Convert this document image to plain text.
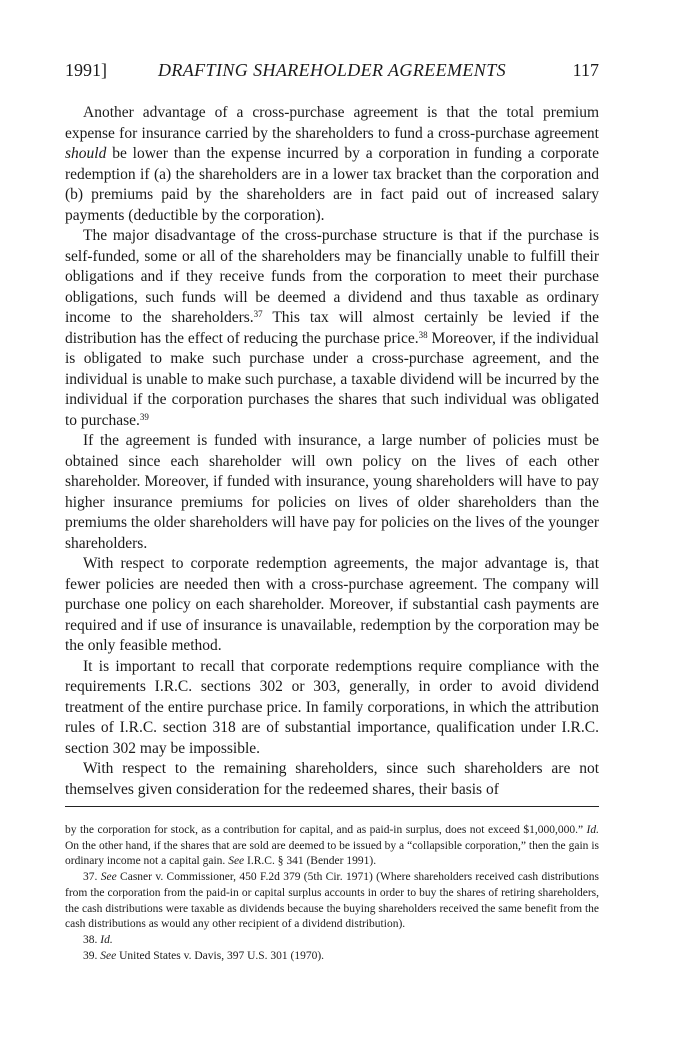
1991]	DRAFTING SHAREHOLDER AGREEMENTS	117

Another advantage of a cross-purchase agreement is that the total premium expense for insurance carried by the shareholders to fund a cross-purchase agreement should be lower than the expense incurred by a corporation in funding a corporate redemption if (a) the shareholders are in a lower tax bracket than the corporation and (b) premiums paid by the shareholders are in fact paid out of increased salary payments (deductible by the corporation).

The major disadvantage of the cross-purchase structure is that if the purchase is self-funded, some or all of the shareholders may be financially unable to fulfill their obligations and if they receive funds from the corporation to meet their purchase obligations, such funds will be deemed a dividend and thus taxable as ordinary income to the shareholders.$^{37}$ This tax will almost certainly be levied if the distribution has the effect of reducing the purchase price.$^{38}$ Moreover, if the individual is obligated to make such purchase under a cross-purchase agreement, and the individual is unable to make such purchase, a taxable dividend will be incurred by the individual if the corporation purchases the shares that such individual was obligated to purchase.$^{39}$

If the agreement is funded with insurance, a large number of policies must be obtained since each shareholder will own policy on the lives of each other shareholder. Moreover, if funded with insurance, young shareholders will have to pay higher insurance premiums for policies on lives of older shareholders than the premiums the older shareholders will have pay for policies on the lives of the younger shareholders.

With respect to corporate redemption agreements, the major advantage is, that fewer policies are needed then with a cross-purchase agreement. The company will purchase one policy on each shareholder. Moreover, if substantial cash payments are required and if use of insurance is unavailable, redemption by the corporation may be the only feasible method.

It is important to recall that corporate redemptions require compliance with the requirements I.R.C. sections 302 or 303, generally, in order to avoid dividend treatment of the entire purchase price. In family corporations, in which the attribution rules of I.R.C. section 318 are of substantial importance, qualification under I.R.C. section 302 may be impossible.

With respect to the remaining shareholders, since such shareholders are not themselves given consideration for the redeemed shares, their basis of

by the corporation for stock, as a contribution for capital, and as paid-in surplus, does not exceed $1,000,000.” Id. On the other hand, if the shares that are sold are deemed to be issued by a “collapsible corporation,” then the gain is ordinary income not a capital gain. See I.R.C. § 341 (Bender 1991).

37. See Casner v. Commissioner, 450 F.2d 379 (5th Cir. 1971) (Where shareholders received cash distributions from the corporation from the paid-in or capital surplus accounts in order to buy the shares of retiring shareholders, the cash distributions were taxable as dividends because the buying shareholders received the same benefit from the cash distributions as would any other recipient of a dividend distribution).

38. Id.

39. See United States v. Davis, 397 U.S. 301 (1970).
